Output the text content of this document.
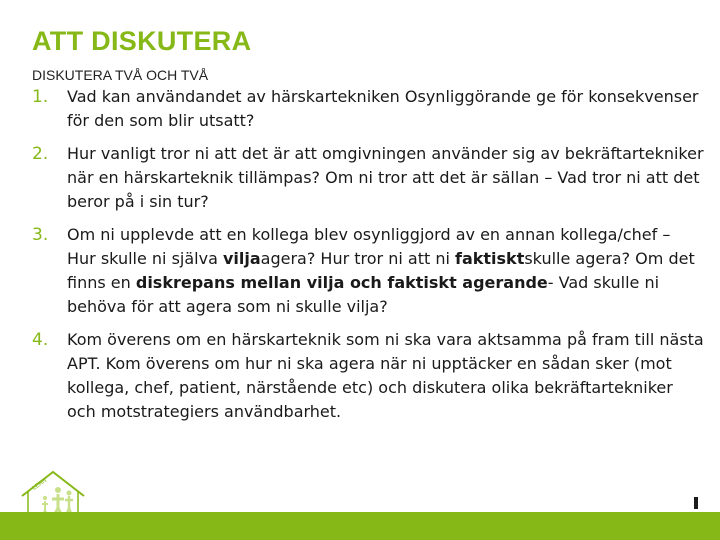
ATT DISKUTERA
DISKUTERA TVÅ OCH TVÅ
1. Vad kan användandet av härskartekniken Osynliggörande ge för konsekvenser för den som blir utsatt?
2. Hur vanligt tror ni att det är att omgivningen använder sig av bekräftartekniker när en härskarteknik tillämpas? Om ni tror att det är sällan – Vad tror ni att det beror på i sin tur?
3. Om ni upplevde att en kollega blev osynliggjord av en annan kollega/chef – Hur skulle ni själva viljaagera? Hur tror ni att ni faktisktskulle agera? Om det finns en diskrepans mellan vilja och faktiskt agerande- Vad skulle ni behöva för att agera som ni skulle vilja?
4. Kom överens om en härskarteknik som ni ska vara aktsamma på fram till nästa APT. Kom överens om hur ni ska agera när ni upptäcker en sådan sker (mot kollega, chef, patient, närstående etc) och diskutera olika bekräftartekniker och motstrategiers användbarhet.
LEAN
VAD VI GÖR OCH HUR
